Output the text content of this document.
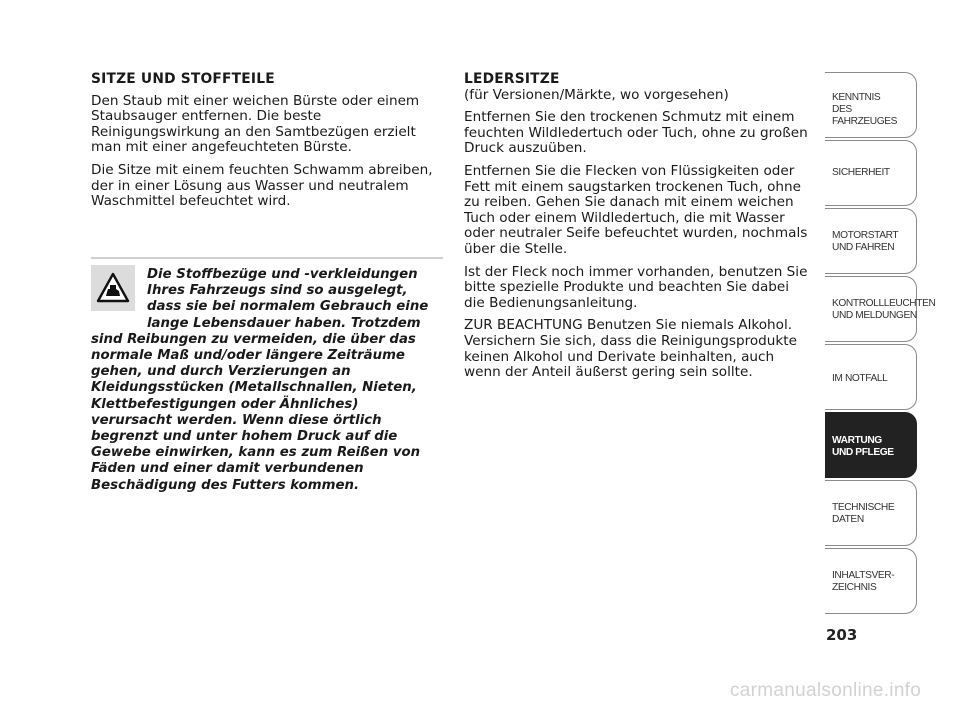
SITZE UND STOFFTEILE

Den Staub mit einer weichen Bürste oder einem Staubsauger entfernen. Die beste Reinigungswirkung an den Samtbezügen erzielt man mit einer angefeuchteten Bürste.

Die Sitze mit einem feuchten Schwamm abreiben, der in einer Lösung aus Wasser und neutralem Waschmittel befeuchtet wird.

Die Stoffbezüge und -verkleidungen Ihres Fahrzeugs sind so ausgelegt, dass sie bei normalem Gebrauch eine lange Lebensdauer haben. Trotzdem sind Reibungen zu vermeiden, die über das normale Maß und/oder längere Zeiträume gehen, und durch Verzierungen an Kleidungsstücken (Metallschnallen, Nieten, Klettbefestigungen oder Ähnliches) verursacht werden. Wenn diese örtlich begrenzt und unter hohem Druck auf die Gewebe einwirken, kann es zum Reißen von Fäden und einer damit verbundenen Beschädigung des Futters kommen.
LEDERSITZE

(für Versionen/Märkte, wo vorgesehen)

Entfernen Sie den trockenen Schmutz mit einem feuchten Wildledertuch oder Tuch, ohne zu großen Druck auszuüben.

Entfernen Sie die Flecken von Flüssigkeiten oder Fett mit einem saugstarken trockenen Tuch, ohne zu reiben. Gehen Sie danach mit einem weichen Tuch oder einem Wildledertuch, die mit Wasser oder neutraler Seife befeuchtet wurden, nochmals über die Stelle.

Ist der Fleck noch immer vorhanden, benutzen Sie bitte spezielle Produkte und beachten Sie dabei die Bedienungsanleitung.

ZUR BEACHTUNG Benutzen Sie niemals Alkohol. Versichern Sie sich, dass die Reinigungsprodukte keinen Alkohol und Derivate beinhalten, auch wenn der Anteil äußerst gering sein sollte.

KENNTNIS
DES FAHRZEUGES
SICHERHEIT
MOTORSTART
UND FAHREN
KONTROLLLEUCHTEN
UND MELDUNGEN
IM NOTFALL
WARTUNG
UND PFLEGE
TECHNISCHE
DATEN
INHALTSVER-
ZEICHNIS
203
carmanualsonline.info
